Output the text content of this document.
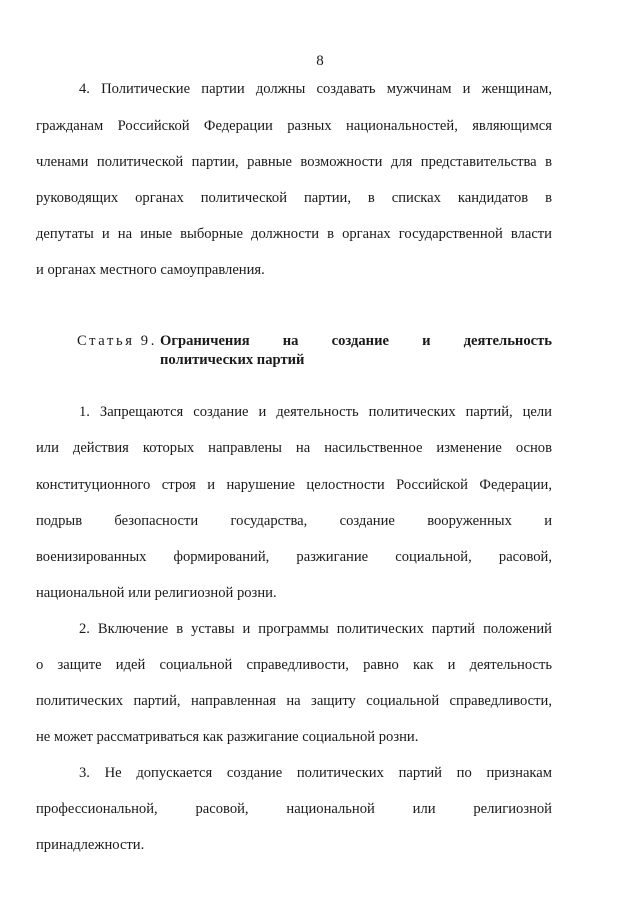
8
4. Политические партии должны создавать мужчинам и женщинам,
гражданам Российской Федерации разных национальностей, являющимся
членами политической партии, равные возможности для представительства в
руководящих органах политической партии, в списках кандидатов в
депутаты и на иные выборные должности в органах государственной власти
и органах местного самоуправления.
Статья 9. Ограничения на создание и деятельность
политических партий
1. Запрещаются создание и деятельность политических партий, цели
или действия которых направлены на насильственное изменение основ
конституционного строя и нарушение целостности Российской Федерации,
подрыв безопасности государства, создание вооруженных и
военизированных формирований, разжигание социальной, расовой,
национальной или религиозной розни.
2. Включение в уставы и программы политических партий положений
о защите идей социальной справедливости, равно как и деятельность
политических партий, направленная на защиту социальной справедливости,
не может рассматриваться как разжигание социальной розни.
3. Не допускается создание политических партий по признакам
профессиональной, расовой, национальной или религиозной
принадлежности.
